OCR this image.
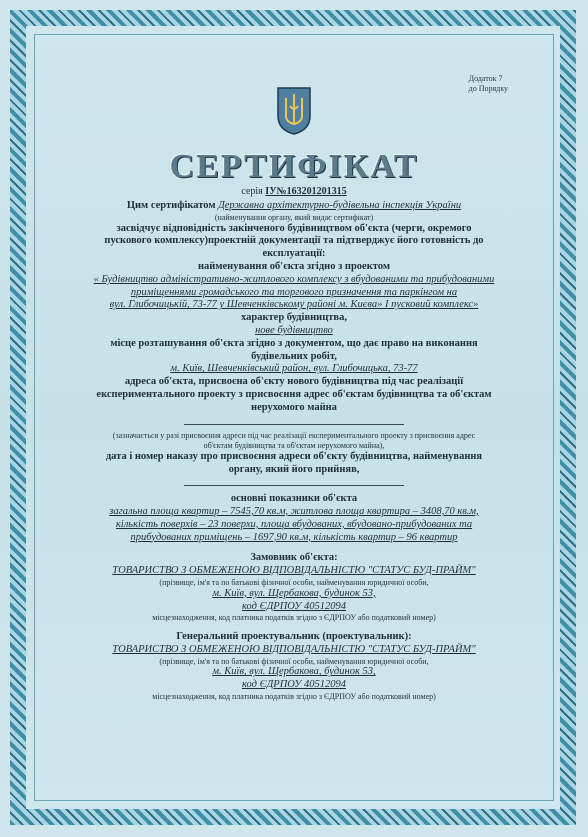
Додаток 7
до Порядку
СЕРТИФІКАТ
серія ІУ№163201201315

Цим сертифікатом Державна архітектурно-будівельна інспекція України

(найменування органу, який видає сертифікат)

засвідчує відповідність закінченого будівництвом об'єкта (черги, окремого

пускового комплексу)проектній документації та підтверджує його готовність до

експлуатації:

найменування об'єкта згідно з проектом

« Будівництво адміністративно-житлового комплексу з вбудованими та прибудованими

приміщеннями громадського та торгового призначення та паркінгом на

вул. Глибочицькій, 73-77 у Шевченківському районі м. Києва» І пусковий комплекс»

характер будівництва,

нове будівництво

місце розташування об'єкта згідно з документом, що дає право на виконання

будівельних робіт,

м. Київ, Шевченківський район, вул. Глибочицька, 73-77

адреса об'єкта, присвоєна об'єкту нового будівництва під час реалізації

експериментального проекту з присвоєння адрес об'єктам будівництва та об'єктам

нерухомого майна

(зазначається у разі присвоєння адреси під час реалізації експериментального проекту з присвоєння адрес

об'єктам будівництва та об'єктам нерухомого майна),

дата і номер наказу про присвоєння адреси об'єкту будівництва, найменування

органу, який його прийняв,

основні показники об'єкта

загальна площа квартир – 7545,70 кв.м, житлова площа квартира – 3408,70 кв.м,

кількість поверхів – 23 поверхи, площа вбудованих, вбудовано-прибудованих та

прибудованих приміщень – 1697,90 кв.м, кількість квартир – 96 квартир

Замовник об'єкта:

ТОВАРИСТВО З ОБМЕЖЕНОЮ ВІДПОВІДАЛЬНІСТЮ "СТАТУС БУД-ПРАЙМ"

(прізвище, ім'я та по батькові фізичної особи, найменування юридичної особи,

м. Київ, вул. Щербакова, будинок 53,

код ЄДРПОУ 40512094

місцезнаходження, код платника податків згідно з ЄДРПОУ або податковий номер)

Генеральний проектувальник (проектувальник):

ТОВАРИСТВО З ОБМЕЖЕНОЮ ВІДПОВІДАЛЬНІСТЮ "СТАТУС БУД-ПРАЙМ"

(прізвище, ім'я та по батькові фізичної особи, найменування юридичної особи,

м. Київ, вул. Щербакова, будинок 53,

код ЄДРПОУ 40512094

місцезнаходження, код платника податків згідно з ЄДРПОУ або податковий номер)
